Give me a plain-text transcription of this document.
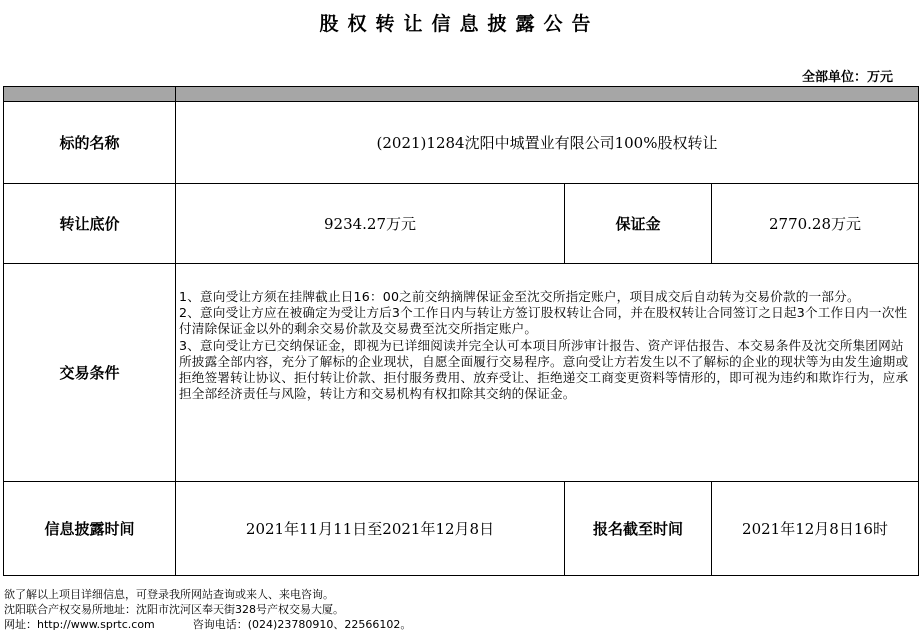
股权转让信息披露公告
全部单位：万元

标的名称	(2021)1284沈阳中城置业有限公司100%股权转让		
转让底价	9234.27万元	保证金	2770.28万元
交易条件	1、意向受让方须在挂牌截止日16：00之前交纳摘牌保证金至沈交所指定账户，项目成交后自动转为交易价款的一部分。

2、意向受让方应在被确定为受让方后3个工作日内与转让方签订股权转让合同，并在股权转让合同签订之日起3个工作日内一次性付清除保证金以外的剩余交易价款及交易费至沈交所指定账户。

3、意向受让方已交纳保证金，即视为已详细阅读并完全认可本项目所涉审计报告、资产评估报告、本交易条件及沈交所集团网站所披露全部内容，充分了解标的企业现状，自愿全面履行交易程序。意向受让方若发生以不了解标的企业的现状等为由发生逾期或拒绝签署转让协议、拒付转让价款、拒付服务费用、放弃受让、拒绝递交工商变更资料等情形的，即可视为违约和欺诈行为，应承担全部经济责任与风险，转让方和交易机构有权扣除其交纳的保证金。		

信息披露时间	2021年11月11日至2021年12月8日	报名截至时间	2021年12月8日16时
欲了解以上项目详细信息，可登录我所网站查询或来人、来电咨询。
沈阳联合产权交易所地址：沈阳市沈河区奉天街328号产权交易大厦。
网址：http://www.sprtc.com	咨询电话：(024)23780910、22566102。
